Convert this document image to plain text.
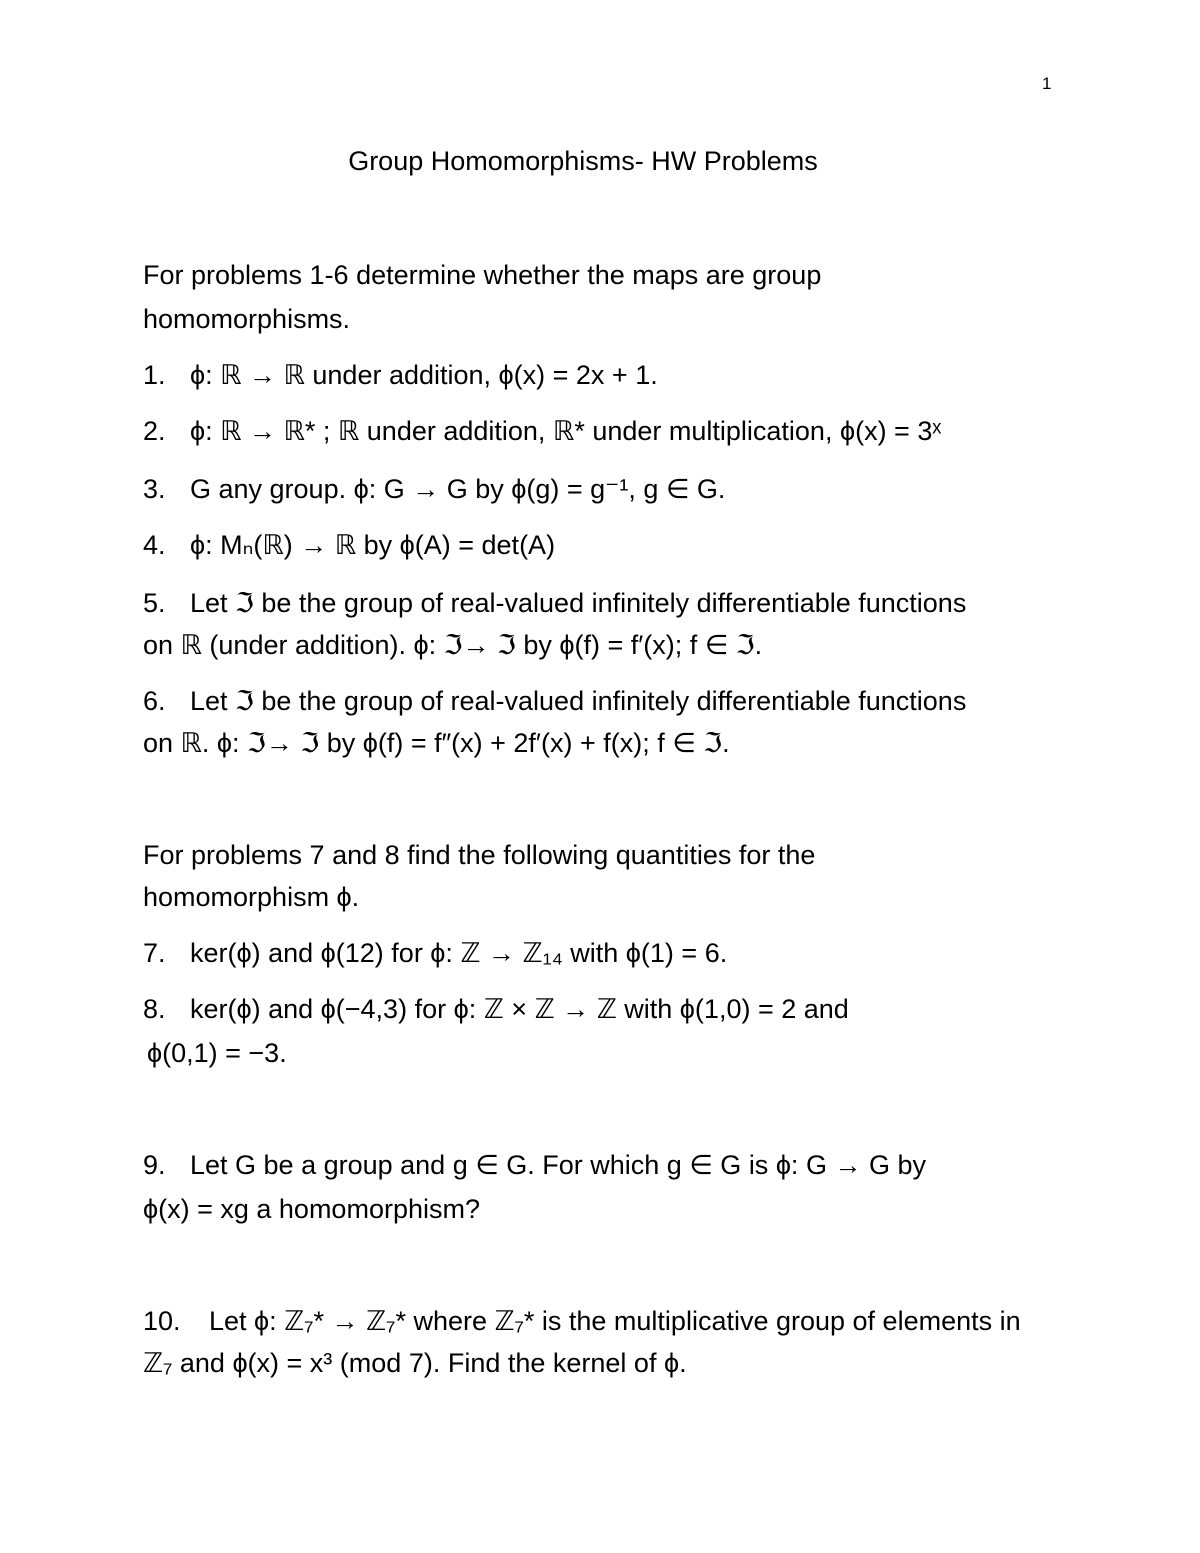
1
Group Homomorphisms- HW Problems
For problems 1-6 determine whether the maps are group
homomorphisms.
1. ϕ: ℝ → ℝ under addition, ϕ(x) = 2x + 1.
2. ϕ: ℝ → ℝ* ; ℝ under addition, ℝ* under multiplication, ϕ(x) = 3ˣ
3. G any group. ϕ: G → G by ϕ(g) = g⁻¹, g ∈ G.
4. ϕ: Mₙ(ℝ) → ℝ by ϕ(A) = det(A)
5. Let ℑ be the group of real-valued infinitely differentiable functions
on ℝ (under addition). ϕ: ℑ→ ℑ by ϕ(f) = f′(x); f ∈ ℑ.
6. Let ℑ be the group of real-valued infinitely differentiable functions
on ℝ. ϕ: ℑ→ ℑ by ϕ(f) = f″(x) + 2f′(x) + f(x); f ∈ ℑ.
For problems 7 and 8 find the following quantities for the
homomorphism ϕ.
7. ker(ϕ) and ϕ(12) for ϕ: ℤ → ℤ₁₄ with ϕ(1) = 6.
8. ker(ϕ) and ϕ(−4,3) for ϕ: ℤ × ℤ → ℤ with ϕ(1,0) = 2 and
ϕ(0,1) = −3.
9. Let G be a group and g ∈ G. For which g ∈ G is ϕ: G → G by
ϕ(x) = xg a homomorphism?
10. Let ϕ: ℤ₇* → ℤ₇* where ℤ₇* is the multiplicative group of elements in
ℤ₇ and ϕ(x) = x³ (mod 7). Find the kernel of ϕ.
